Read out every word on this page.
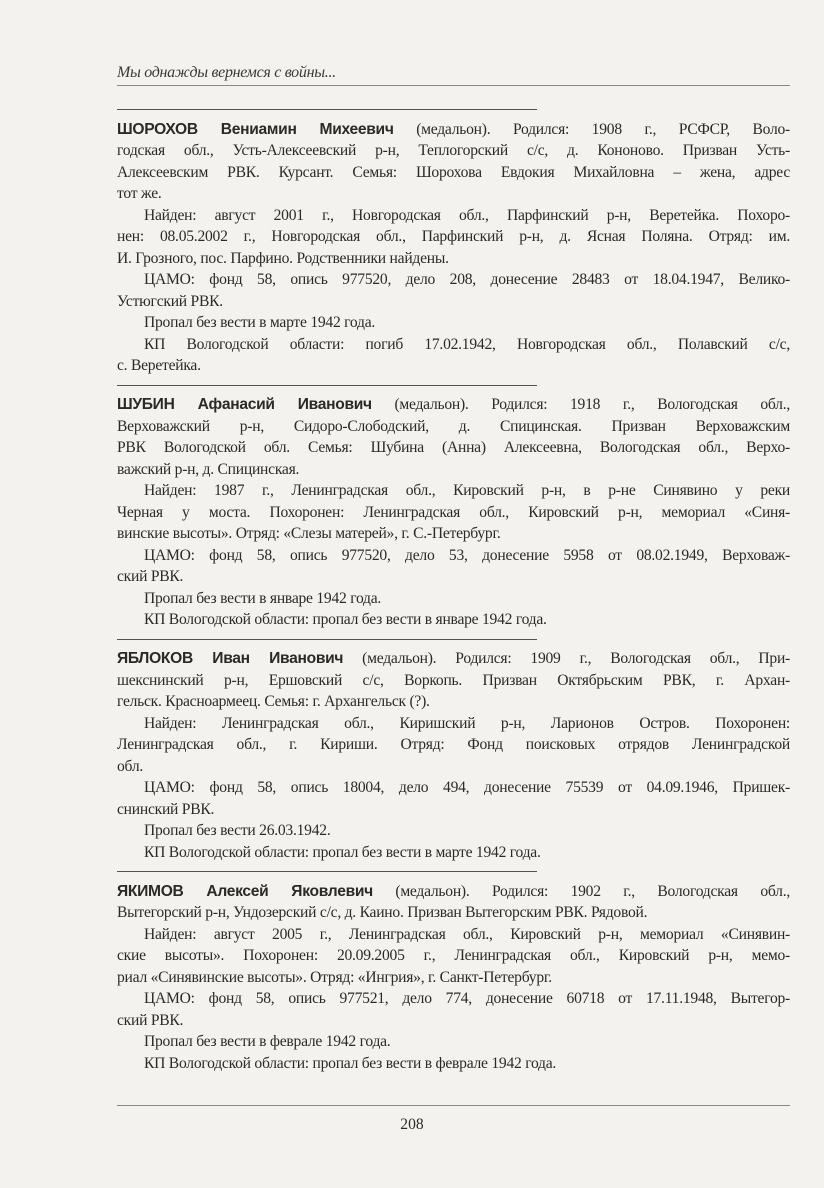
Мы однажды вернемся с войны...
ШОРОХОВ Вениамин Михеевич (медальон). Родился: 1908 г., РСФСР, Воло-
годская обл., Усть-Алексеевский р-н, Теплогорский с/с, д. Кононово. Призван Усть-
Алексеевским РВК. Курсант. Семья: Шорохова Евдокия Михайловна – жена, адрес
тот же.
Найден: август 2001 г., Новгородская обл., Парфинский р-н, Веретейка. Похоро-
нен: 08.05.2002 г., Новгородская обл., Парфинский р-н, д. Ясная Поляна. Отряд: им.
И. Грозного, пос. Парфино. Родственники найдены.
ЦАМО: фонд 58, опись 977520, дело 208, донесение 28483 от 18.04.1947, Велико-
Устюгский РВК.
Пропал без вести в марте 1942 года.
КП Вологодской области: погиб 17.02.1942, Новгородская обл., Полавский с/с,
с. Веретейка.
ШУБИН Афанасий Иванович (медальон). Родился: 1918 г., Вологодская обл.,
Верховажский р-н, Сидоро-Слободский, д. Спицинская. Призван Верховажским
РВК Вологодской обл. Семья: Шубина (Анна) Алексеевна, Вологодская обл., Верхо-
важский р-н, д. Спицинская.
Найден: 1987 г., Ленинградская обл., Кировский р-н, в р-не Синявино у реки
Черная у моста. Похоронен: Ленинградская обл., Кировский р-н, мемориал «Синя-
винские высоты». Отряд: «Слезы матерей», г. С.-Петербург.
ЦАМО: фонд 58, опись 977520, дело 53, донесение 5958 от 08.02.1949, Верховаж-
ский РВК.
Пропал без вести в январе 1942 года.
КП Вологодской области: пропал без вести в январе 1942 года.
ЯБЛОКОВ Иван Иванович (медальон). Родился: 1909 г., Вологодская обл., При-
шекснинский р-н, Ершовский с/с, Воркопь. Призван Октябрьским РВК, г. Архан-
гельск. Красноармеец. Семья: г. Архангельск (?).
Найден: Ленинградская обл., Киришский р-н, Ларионов Остров. Похоронен:
Ленинградская обл., г. Кириши. Отряд: Фонд поисковых отрядов Ленинградской
обл.
ЦАМО: фонд 58, опись 18004, дело 494, донесение 75539 от 04.09.1946, Пришек-
снинский РВК.
Пропал без вести 26.03.1942.
КП Вологодской области: пропал без вести в марте 1942 года.
ЯКИМОВ Алексей Яковлевич (медальон). Родился: 1902 г., Вологодская обл.,
Вытегорский р-н, Ундозерский с/с, д. Каино. Призван Вытегорским РВК. Рядовой.
Найден: август 2005 г., Ленинградская обл., Кировский р-н, мемориал «Синявин-
ские высоты». Похоронен: 20.09.2005 г., Ленинградская обл., Кировский р-н, мемо-
риал «Синявинские высоты». Отряд: «Ингрия», г. Санкт-Петербург.
ЦАМО: фонд 58, опись 977521, дело 774, донесение 60718 от 17.11.1948, Вытегор-
ский РВК.
Пропал без вести в феврале 1942 года.
КП Вологодской области: пропал без вести в феврале 1942 года.
208
